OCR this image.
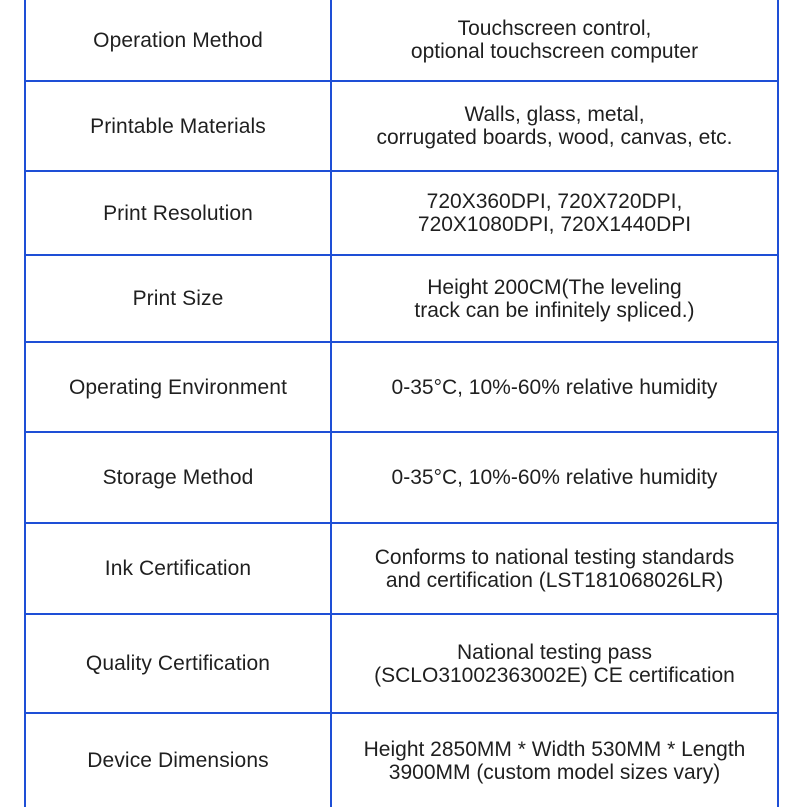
Operation Method	Touchscreen control,
optional touchscreen computer
Printable Materials	Walls, glass, metal,
corrugated boards, wood, canvas, etc.
Print Resolution	720X360DPI, 720X720DPI,
720X1080DPI, 720X1440DPI
Print Size	Height 200CM(The leveling
track can be infinitely spliced.)
Operating Environment	0-35°C, 10%-60% relative humidity
Storage Method	0-35°C, 10%-60% relative humidity
Ink Certification	Conforms to national testing standards
and certification (LST181068026LR)
Quality Certification	National testing pass
(SCLO31002363002E) CE certification
Device Dimensions	Height 2850MM * Width 530MM * Length
3900MM (custom model sizes vary)
